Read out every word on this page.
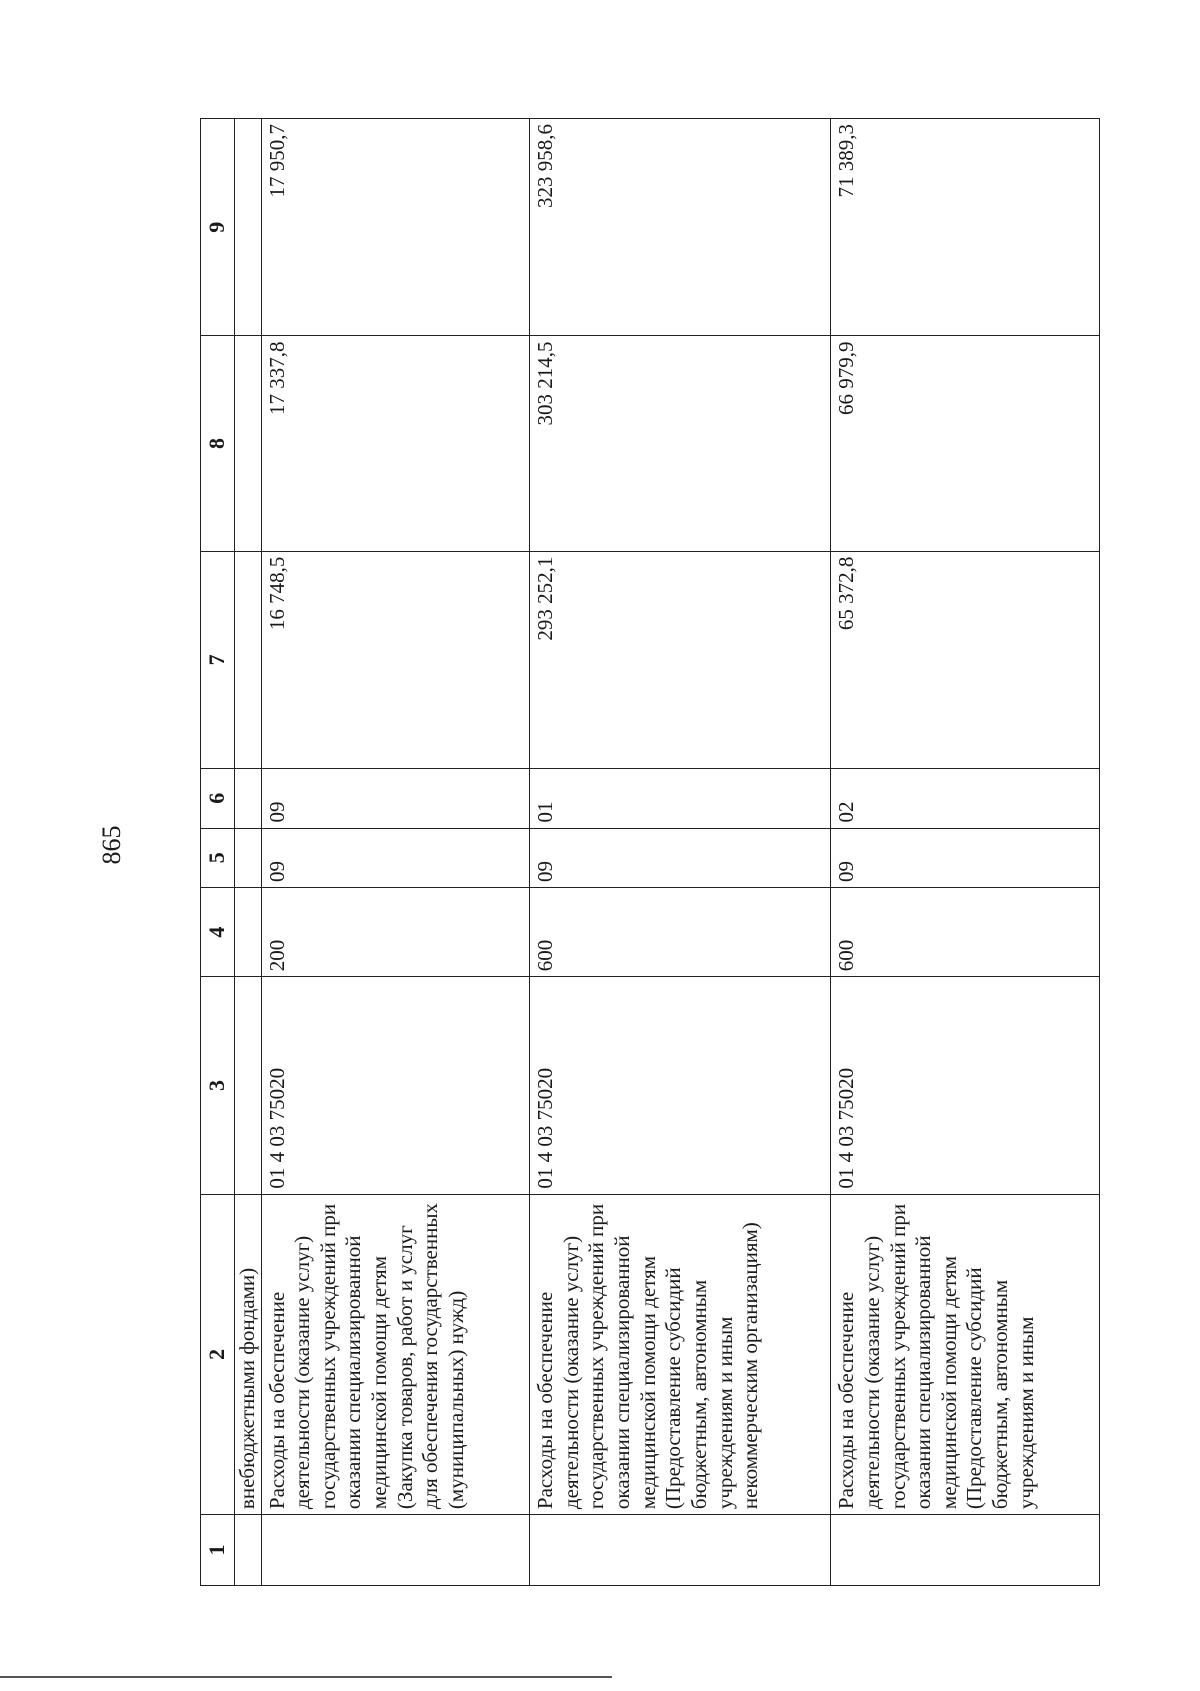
865
1	2	3	4	5	6	7	8	9
	внебюджетными фондами)							
	Расходы на обеспечение деятельности (оказание услуг) государственных учреждений при оказании специализированной медицинской помощи детям (Закупка товаров, работ и услуг для обеспечения государственных (муниципальных) нужд)	01 4 03 75020	200	09	09	16 748,5	17 337,8	17 950,7
	Расходы на обеспечение деятельности (оказание услуг) государственных учреждений при оказании специализированной медицинской помощи детям (Предоставление субсидий бюджетным, автономным учреждениям и иным некоммерческим организациям)	01 4 03 75020	600	09	01	293 252,1	303 214,5	323 958,6
	Расходы на обеспечение деятельности (оказание услуг) государственных учреждений при оказании специализированной медицинской помощи детям (Предоставление субсидий бюджетным, автономным учреждениям и иным	01 4 03 75020	600	09	02	65 372,8	66 979,9	71 389,3
